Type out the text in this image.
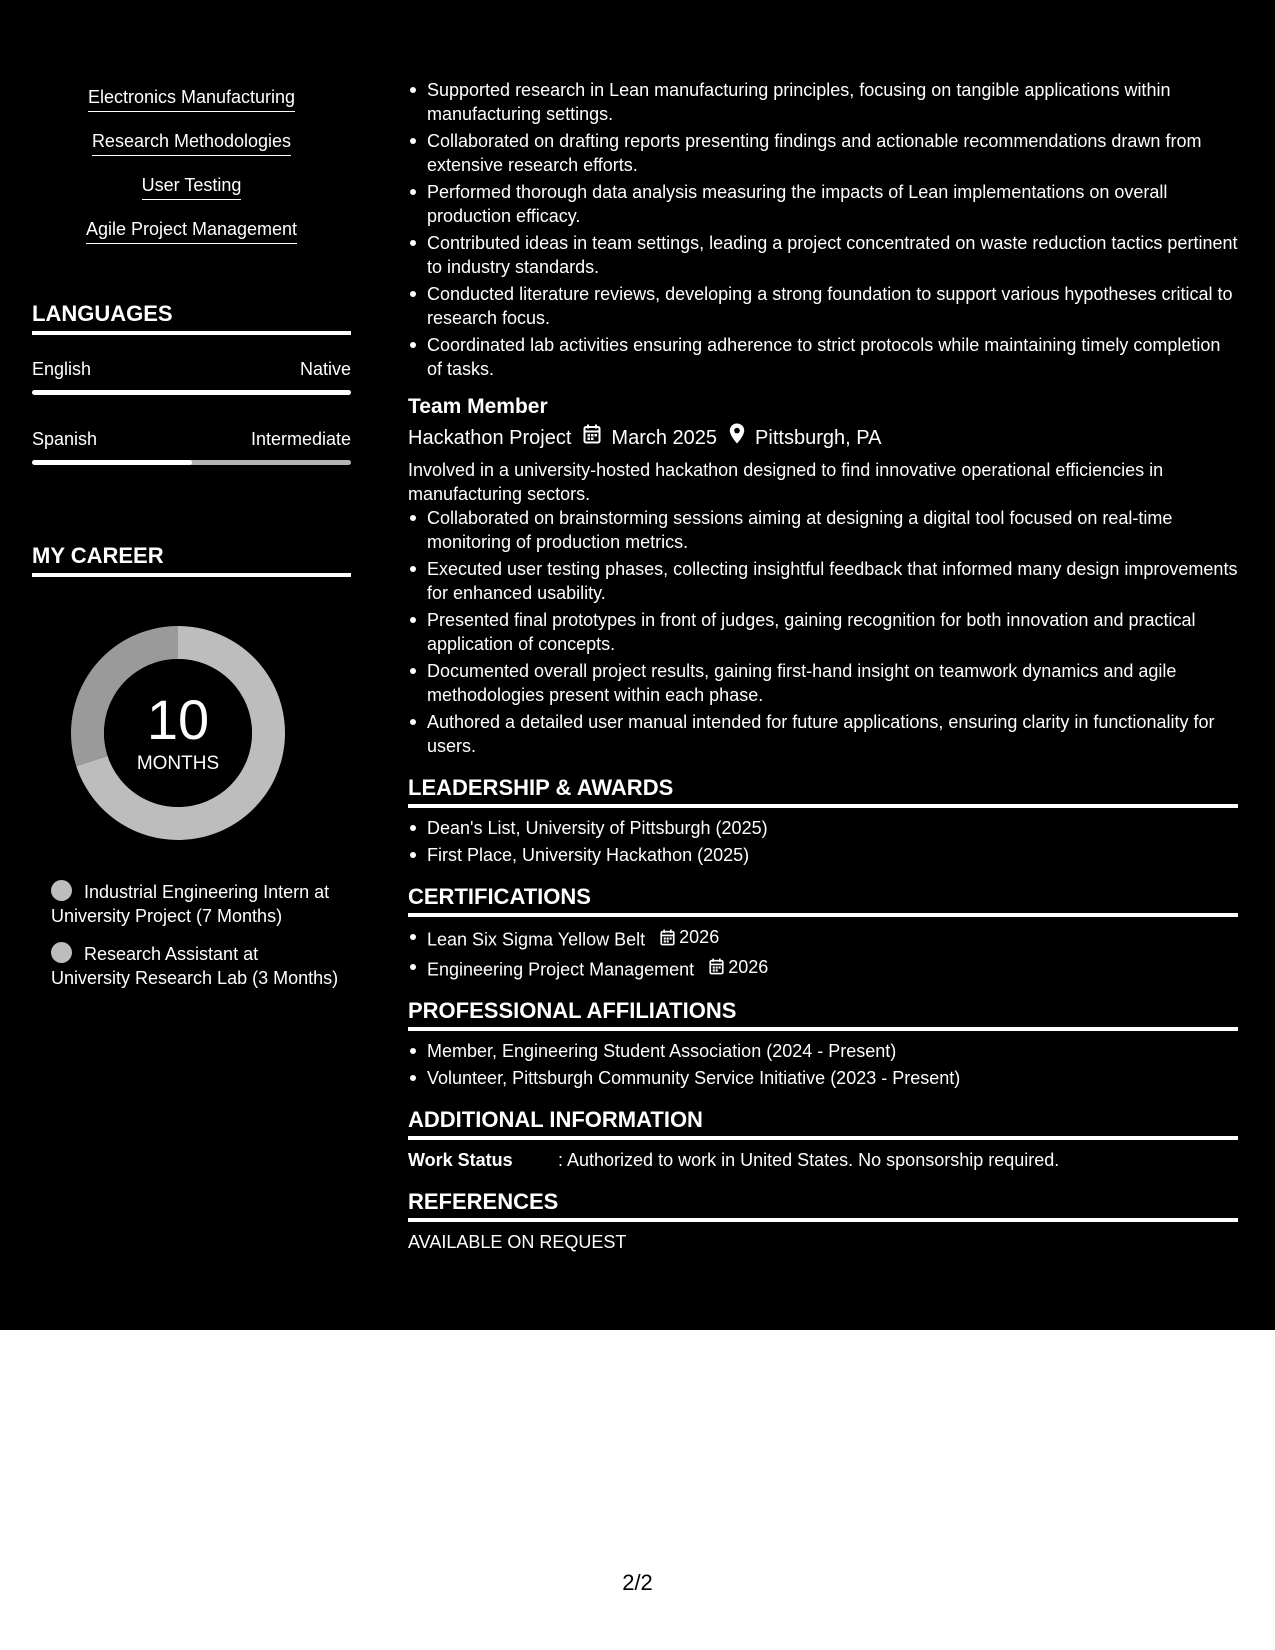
Electronics Manufacturing
Research Methodologies
User Testing
Agile Project Management
LANGUAGES
English	Native
Spanish	Intermediate
MY CAREER
10
MONTHS
Industrial Engineering Intern at University Project (7 Months)
Research Assistant at University Research Lab (3 Months)
Supported research in Lean manufacturing principles, focusing on tangible applications within manufacturing settings.
Collaborated on drafting reports presenting findings and actionable recommendations drawn from extensive research efforts.
Performed thorough data analysis measuring the impacts of Lean implementations on overall production efficacy.
Contributed ideas in team settings, leading a project concentrated on waste reduction tactics pertinent to industry standards.
Conducted literature reviews, developing a strong foundation to support various hypotheses critical to research focus.
Coordinated lab activities ensuring adherence to strict protocols while maintaining timely completion of tasks.
Team Member
Hackathon Project March 2025 Pittsburgh, PA
Involved in a university-hosted hackathon designed to find innovative operational efficiencies in manufacturing sectors.
Collaborated on brainstorming sessions aiming at designing a digital tool focused on real-time monitoring of production metrics.
Executed user testing phases, collecting insightful feedback that informed many design improvements for enhanced usability.
Presented final prototypes in front of judges, gaining recognition for both innovation and practical application of concepts.
Documented overall project results, gaining first-hand insight on teamwork dynamics and agile methodologies present within each phase.
Authored a detailed user manual intended for future applications, ensuring clarity in functionality for users.
LEADERSHIP & AWARDS
Dean's List, University of Pittsburgh (2025)
First Place, University Hackathon (2025)
CERTIFICATIONS
Lean Six Sigma Yellow Belt 2026
Engineering Project Management 2026
PROFESSIONAL AFFILIATIONS
Member, Engineering Student Association (2024 - Present)
Volunteer, Pittsburgh Community Service Initiative (2023 - Present)
ADDITIONAL INFORMATION
Work Status	: Authorized to work in United States. No sponsorship required.
REFERENCES
AVAILABLE ON REQUEST
2/2
